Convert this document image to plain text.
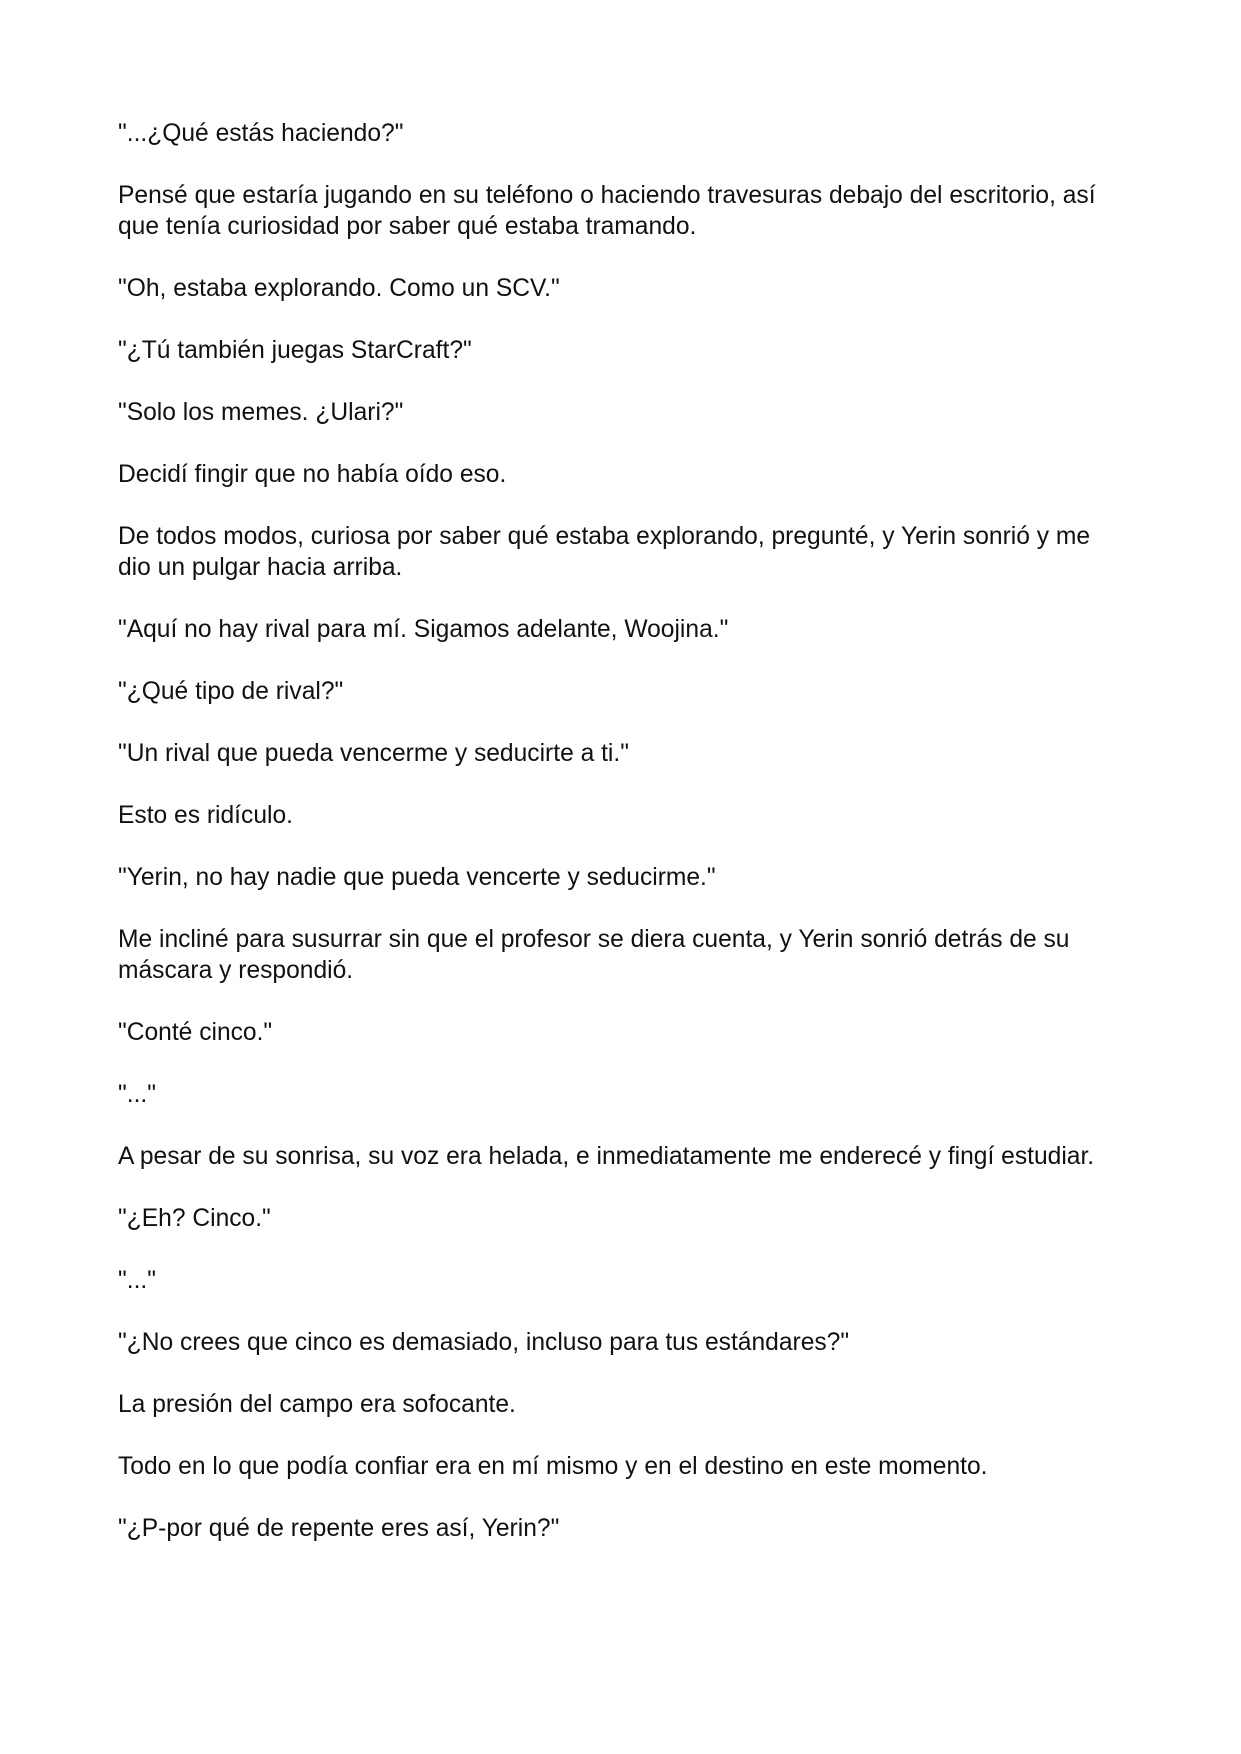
"...¿Qué estás haciendo?"

Pensé que estaría jugando en su teléfono o haciendo travesuras debajo del escritorio, así que tenía curiosidad por saber qué estaba tramando.

"Oh, estaba explorando. Como un SCV."

"¿Tú también juegas StarCraft?"

"Solo los memes. ¿Ulari?"

Decidí fingir que no había oído eso.

De todos modos, curiosa por saber qué estaba explorando, pregunté, y Yerin sonrió y me dio un pulgar hacia arriba.

"Aquí no hay rival para mí. Sigamos adelante, Woojina."

"¿Qué tipo de rival?"

"Un rival que pueda vencerme y seducirte a ti."

Esto es ridículo.

"Yerin, no hay nadie que pueda vencerte y seducirme."

Me incliné para susurrar sin que el profesor se diera cuenta, y Yerin sonrió detrás de su máscara y respondió.

"Conté cinco."

"..."

A pesar de su sonrisa, su voz era helada, e inmediatamente me enderecé y fingí estudiar.

"¿Eh? Cinco."

"..."

"¿No crees que cinco es demasiado, incluso para tus estándares?"

La presión del campo era sofocante.

Todo en lo que podía confiar era en mí mismo y en el destino en este momento.

"¿P-por qué de repente eres así, Yerin?"
